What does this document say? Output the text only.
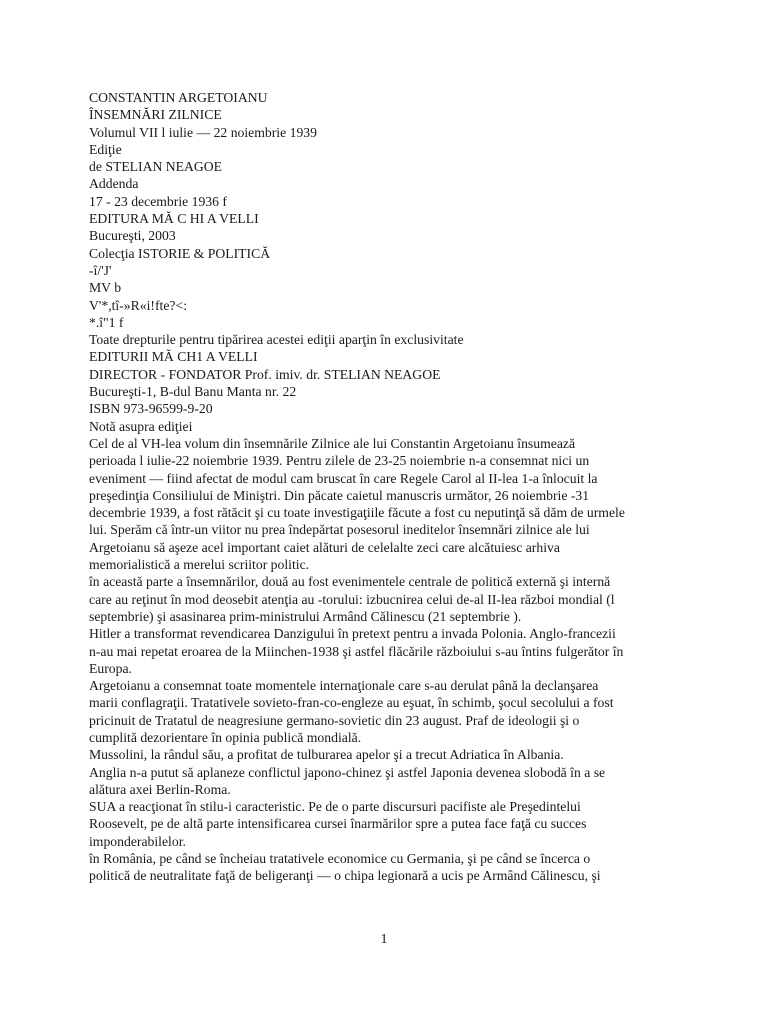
CONSTANTIN ARGETOIANU
ÎNSEMNĂRI ZILNICE
Volumul VII l iulie — 22 noiembrie 1939
Ediţie
de STELIAN NEAGOE
Addenda
17 - 23 decembrie 1936 f
EDITURA MĂ C HI A VELLI
Bucureşti, 2003
Colecţia ISTORIE & POLITICĂ
-î/'J'
MV b
V'*,tî-»R«i!fte?<:
*.î"1 f
Toate drepturile pentru tipărirea acestei ediţii aparţin în exclusivitate
EDITURII MĂ CH1 A VELLI
DIRECTOR - FONDATOR Prof. imiv. dr. STELIAN NEAGOE
Bucureşti-1, B-dul Banu Manta nr. 22
ISBN 973-96599-9-20
Notă asupra ediţiei
Cel de al VH-lea volum din însemnările Zilnice ale lui Constantin Argetoianu însumează
perioada l iulie-22 noiembrie 1939. Pentru zilele de 23-25 noiembrie n-a consemnat nici un
eveniment — fiind afectat de modul cam bruscat în care Regele Carol al II-lea 1-a înlocuit la
preşedinţia Consiliului de Miniştri. Din păcate caietul manuscris următor, 26 noiembrie -31
decembrie 1939, a fost rătăcit şi cu toate investigaţiile făcute a fost cu neputinţă să dăm de urmele
lui. Sperăm că într-un viitor nu prea îndepărtat posesorul ineditelor însemnări zilnice ale lui
Argetoianu să aşeze acel important caiet alături de celelalte zeci care alcătuiesc arhiva
memorialistică a merelui scriitor politic.
în această parte a însemnărilor, două au fost evenimentele centrale de politică externă şi internă
care au reţinut în mod deosebit atenţia au -torului: izbucnirea celui de-al II-lea război mondial (l
septembrie) şi asasinarea prim-ministrului Armând Călinescu (21 septembrie ).
Hitler a transformat revendicarea Danzigului în pretext pentru a invada Polonia. Anglo-francezii
n-au mai repetat eroarea de la Miinchen-1938 şi astfel flăcările războiului s-au întins fulgerător în
Europa.
Argetoianu a consemnat toate momentele internaţionale care s-au derulat până la declanşarea
marii conflagraţii. Tratativele sovieto-fran-co-engleze au eşuat, în schimb, şocul secolului a fost
pricinuit de Tratatul de neagresiune germano-sovietic din 23 august. Praf de ideologii şi o
cumplită dezorientare în opinia publică mondială.
Mussolini, la rândul său, a profitat de tulburarea apelor şi a trecut Adriatica în Albania.
Anglia n-a putut să aplaneze conflictul japono-chinez şi astfel Japonia devenea slobodă în a se
alătura axei Berlin-Roma.
SUA a reacţionat în stilu-i caracteristic. Pe de o parte discursuri pacifiste ale Preşedintelui
Roosevelt, pe de altă parte intensificarea cursei înarmărilor spre a putea face faţă cu succes
imponderabilelor.
în România, pe când se încheiau tratativele economice cu Germania, şi pe când se încerca o
politică de neutralitate faţă de beligeranţi — o chipa legionară a ucis pe Armând Călinescu, şi
1
